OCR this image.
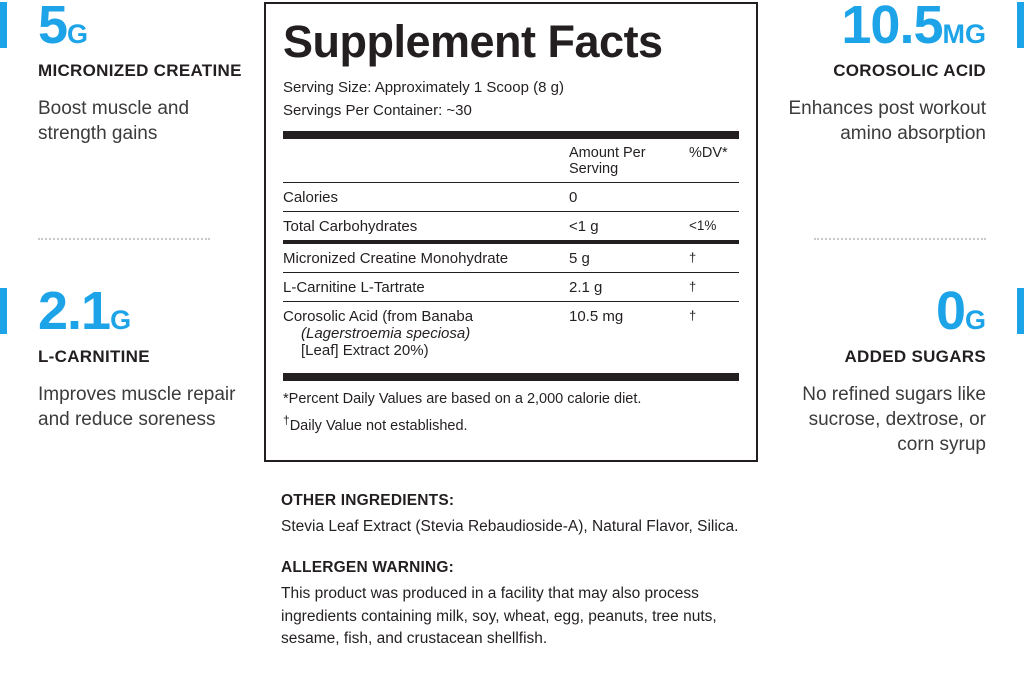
5G
MICRONIZED CREATINE
Boost muscle and strength gains
2.1G
L-CARNITINE
Improves muscle repair and reduce soreness
10.5MG
COROSOLIC ACID
Enhances post workout amino absorption
0G
ADDED SUGARS
No refined sugars like sucrose, dextrose, or corn syrup
Supplement Facts
Serving Size: Approximately 1 Scoop (8 g)
Servings Per Container: ~30
	Amount Per Serving	%DV*
Calories	0	
Total Carbohydrates	<1 g	<1%
Micronized Creatine Monohydrate	5 g	†
L-Carnitine L-Tartrate	2.1 g	†
Corosolic Acid (from Banaba
(Lagerstroemia speciosa)
[Leaf] Extract 20%)	10.5 mg	†
*Percent Daily Values are based on a 2,000 calorie diet.
†Daily Value not established.
OTHER INGREDIENTS:

Stevia Leaf Extract (Stevia Rebaudioside-A), Natural Flavor, Silica.

ALLERGEN WARNING:

This product was produced in a facility that may also process ingredients containing milk, soy, wheat, egg, peanuts, tree nuts, sesame, fish, and crustacean shellfish.
